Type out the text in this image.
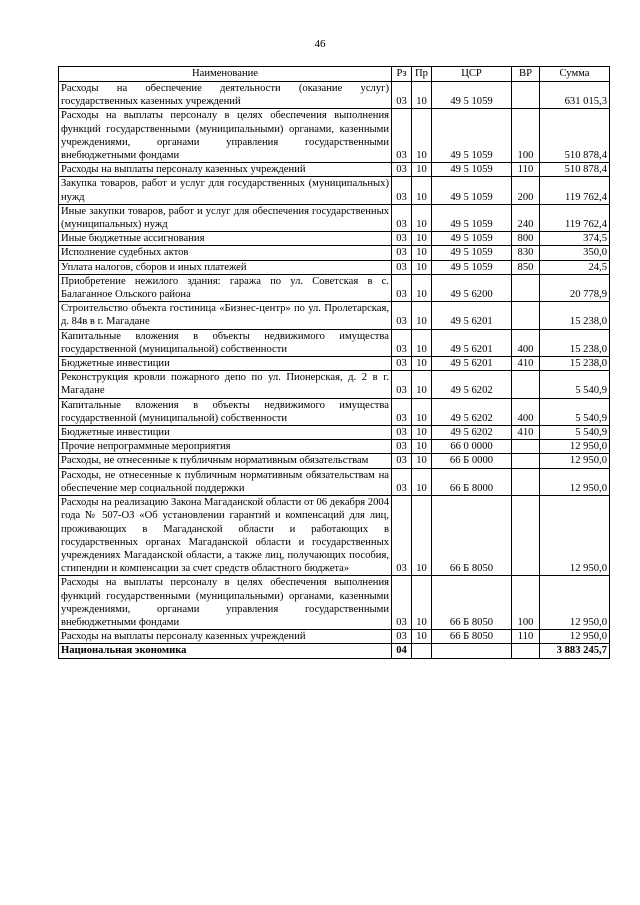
46
Наименование	Рз	Пр	ЦСР	ВР	Сумма
Расходы на обеспечение деятельности (оказание услуг) государственных казенных учреждений	03	10	49 5 1059		631 015,3
Расходы на выплаты персоналу в целях обеспечения выполнения функций государственными (муниципальными) органами, казенными учреждениями, органами управления государственными внебюджетными фондами	03	10	49 5 1059	100	510 878,4
Расходы на выплаты персоналу казенных учреждений	03	10	49 5 1059	110	510 878,4
Закупка товаров, работ и услуг для государственных (муниципальных) нужд	03	10	49 5 1059	200	119 762,4
Иные закупки товаров, работ и услуг для обеспечения государственных (муниципальных) нужд	03	10	49 5 1059	240	119 762,4
Иные бюджетные ассигнования	03	10	49 5 1059	800	374,5
Исполнение судебных актов	03	10	49 5 1059	830	350,0
Уплата налогов, сборов и иных платежей	03	10	49 5 1059	850	24,5
Приобретение нежилого здания: гаража по ул. Советская в с. Балаганное Ольского района	03	10	49 5 6200		20 778,9
Строительство объекта гостиница «Бизнес-центр» по ул. Пролетарская, д. 84в в г. Магадане	03	10	49 5 6201		15 238,0
Капитальные вложения в объекты недвижимого имущества государственной (муниципальной) собственности	03	10	49 5 6201	400	15 238,0
Бюджетные инвестиции	03	10	49 5 6201	410	15 238,0
Реконструкция кровли пожарного депо по ул. Пионерская, д. 2 в г. Магадане	03	10	49 5 6202		5 540,9
Капитальные вложения в объекты недвижимого имущества государственной (муниципальной) собственности	03	10	49 5 6202	400	5 540,9
Бюджетные инвестиции	03	10	49 5 6202	410	5 540,9
Прочие непрограммные мероприятия	03	10	66 0 0000		12 950,0
Расходы, не отнесенные к публичным нормативным обязательствам	03	10	66 Б 0000		12 950,0
Расходы, не отнесенные к публичным нормативным обязательствам на обеспечение мер социальной поддержки	03	10	66 Б 8000		12 950,0
Расходы на реализацию Закона Магаданской области от 06 декабря 2004 года № 507-ОЗ «Об установлении гарантий и компенсаций для лиц, проживающих в Магаданской области и работающих в государственных органах Магаданской области и государственных учреждениях Магаданской области, а также лиц, получающих пособия, стипендии и компенсации за счет средств областного бюджета»	03	10	66 Б 8050		12 950,0
Расходы на выплаты персоналу в целях обеспечения выполнения функций государственными (муниципальными) органами, казенными учреждениями, органами управления государственными внебюджетными фондами	03	10	66 Б 8050	100	12 950,0
Расходы на выплаты персоналу казенных учреждений	03	10	66 Б 8050	110	12 950,0
Национальная экономика	04				3 883 245,7
